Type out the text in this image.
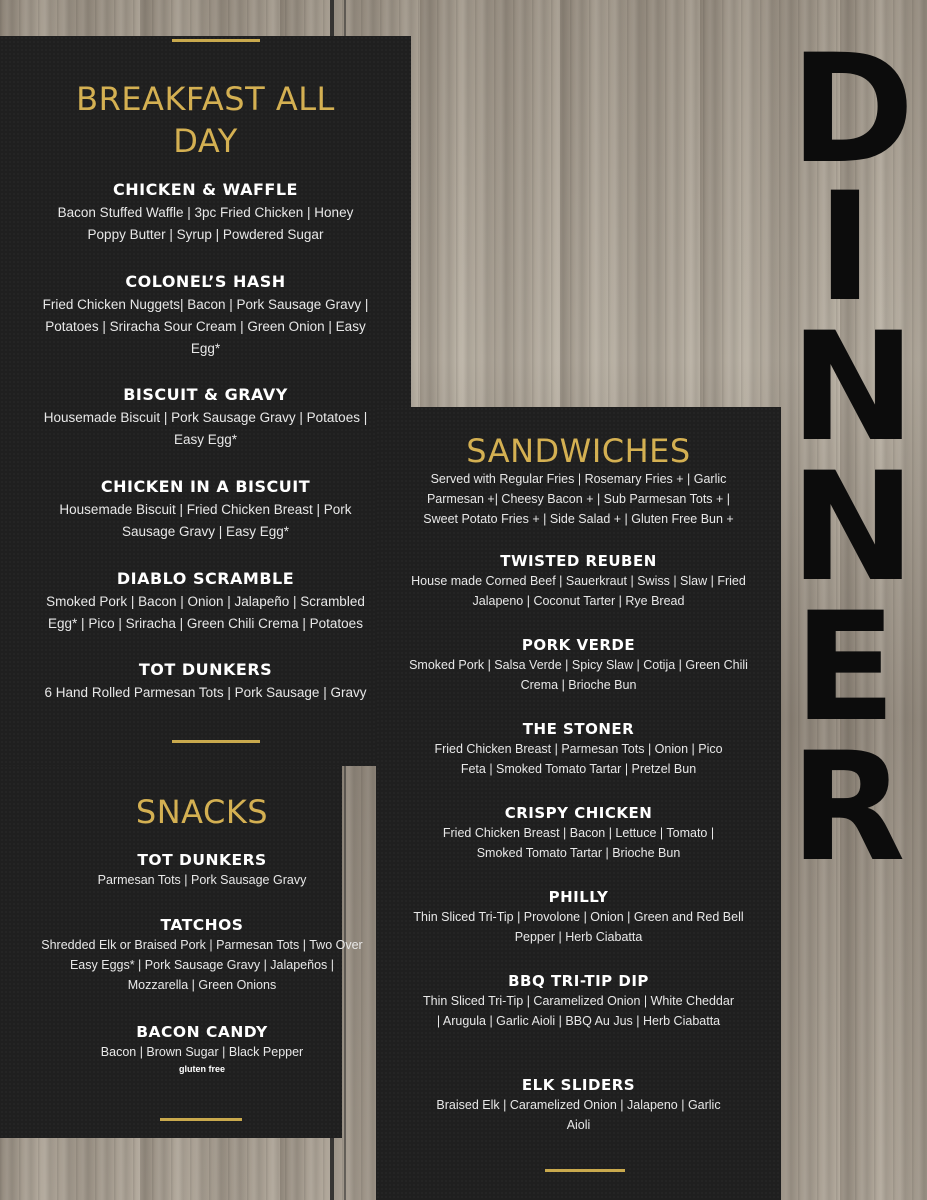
D
I
N
N
E
R
BREAKFAST ALL DAY
CHICKEN & WAFFLE
Bacon Stuffed Waffle | 3pc Fried Chicken | Honey Poppy Butter | Syrup | Powdered Sugar
COLONEL’S HASH
Fried Chicken Nuggets| Bacon | Pork Sausage Gravy | Potatoes | Sriracha Sour Cream | Green Onion | Easy Egg*
BISCUIT & GRAVY
Housemade Biscuit | Pork Sausage Gravy | Potatoes | Easy Egg*
CHICKEN IN A BISCUIT
Housemade Biscuit | Fried Chicken Breast | Pork Sausage Gravy | Easy Egg*
DIABLO SCRAMBLE
Smoked Pork | Bacon | Onion | Jalapeño | Scrambled Egg* | Pico | Sriracha | Green Chili Crema | Potatoes
TOT DUNKERS
6 Hand Rolled Parmesan Tots | Pork Sausage | Gravy
SNACKS
TOT DUNKERS
Parmesan Tots | Pork Sausage Gravy
TATCHOS
Shredded Elk or Braised Pork | Parmesan Tots | Two Over Easy Eggs* | Pork Sausage Gravy | Jalapeños | Mozzarella | Green Onions
BACON CANDY
Bacon | Brown Sugar | Black Pepper
gluten free
SANDWICHES
Served with Regular Fries | Rosemary Fries + | Garlic Parmesan +| Cheesy Bacon + | Sub Parmesan Tots + | Sweet Potato Fries + | Side Salad + | Gluten Free Bun +
TWISTED REUBEN
House made Corned Beef | Sauerkraut | Swiss | Slaw | Fried Jalapeno | Coconut Tarter | Rye Bread
PORK VERDE
Smoked Pork | Salsa Verde | Spicy Slaw | Cotija | Green Chili Crema | Brioche Bun
THE STONER
Fried Chicken Breast | Parmesan Tots | Onion | Pico Feta | Smoked Tomato Tartar | Pretzel Bun
CRISPY CHICKEN
Fried Chicken Breast | Bacon | Lettuce | Tomato | Smoked Tomato Tartar | Brioche Bun
PHILLY
Thin Sliced Tri-Tip | Provolone | Onion | Green and Red Bell Pepper | Herb Ciabatta
BBQ TRI-TIP DIP
Thin Sliced Tri-Tip | Caramelized Onion | White Cheddar | Arugula | Garlic Aioli | BBQ Au Jus | Herb Ciabatta
ELK SLIDERS
Braised Elk | Caramelized Onion | Jalapeno | Garlic Aioli
